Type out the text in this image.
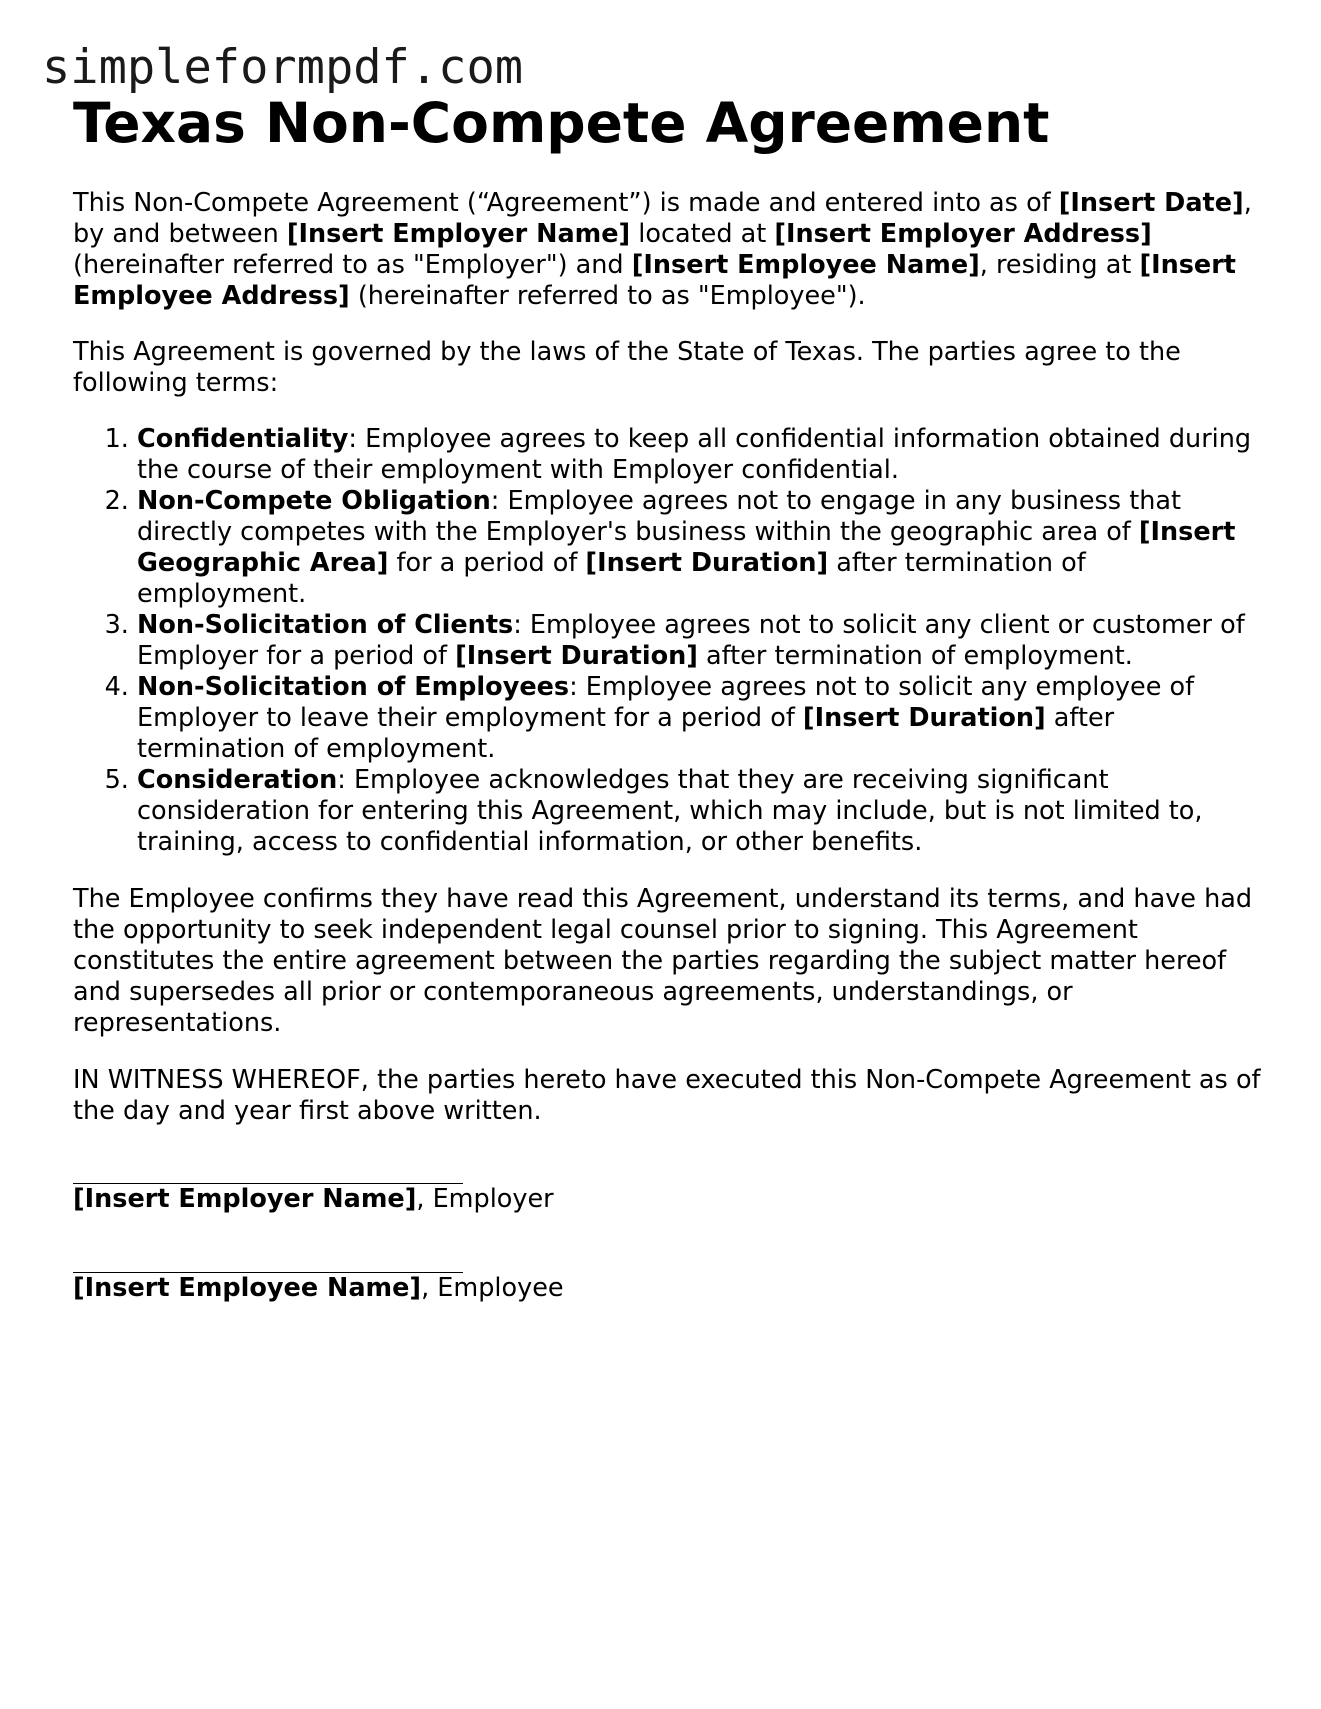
simpleformpdf.com
Texas Non-Compete Agreement

This Non-Compete Agreement (“Agreement”) is made and entered into as of [Insert Date], by and between [Insert Employer Name] located at [Insert Employer Address] (hereinafter referred to as "Employer") and [Insert Employee Name], residing at [Insert Employee Address] (hereinafter referred to as "Employee").

This Agreement is governed by the laws of the State of Texas. The parties agree to the following terms:

1. Confidentiality: Employee agrees to keep all confidential information obtained during the course of their employment with Employer confidential.
2. Non-Compete Obligation: Employee agrees not to engage in any business that directly competes with the Employer's business within the geographic area of [Insert Geographic Area] for a period of [Insert Duration] after termination of employment.
3. Non-Solicitation of Clients: Employee agrees not to solicit any client or customer of Employer for a period of [Insert Duration] after termination of employment.
4. Non-Solicitation of Employees: Employee agrees not to solicit any employee of Employer to leave their employment for a period of [Insert Duration] after termination of employment.
5. Consideration: Employee acknowledges that they are receiving significant consideration for entering this Agreement, which may include, but is not limited to, training, access to confidential information, or other benefits.

The Employee confirms they have read this Agreement, understand its terms, and have had the opportunity to seek independent legal counsel prior to signing. This Agreement constitutes the entire agreement between the parties regarding the subject matter hereof and supersedes all prior or contemporaneous agreements, understandings, or representations.

IN WITNESS WHEREOF, the parties hereto have executed this Non-Compete Agreement as of the day and year first above written.

[Insert Employer Name], Employer
[Insert Employee Name], Employee
